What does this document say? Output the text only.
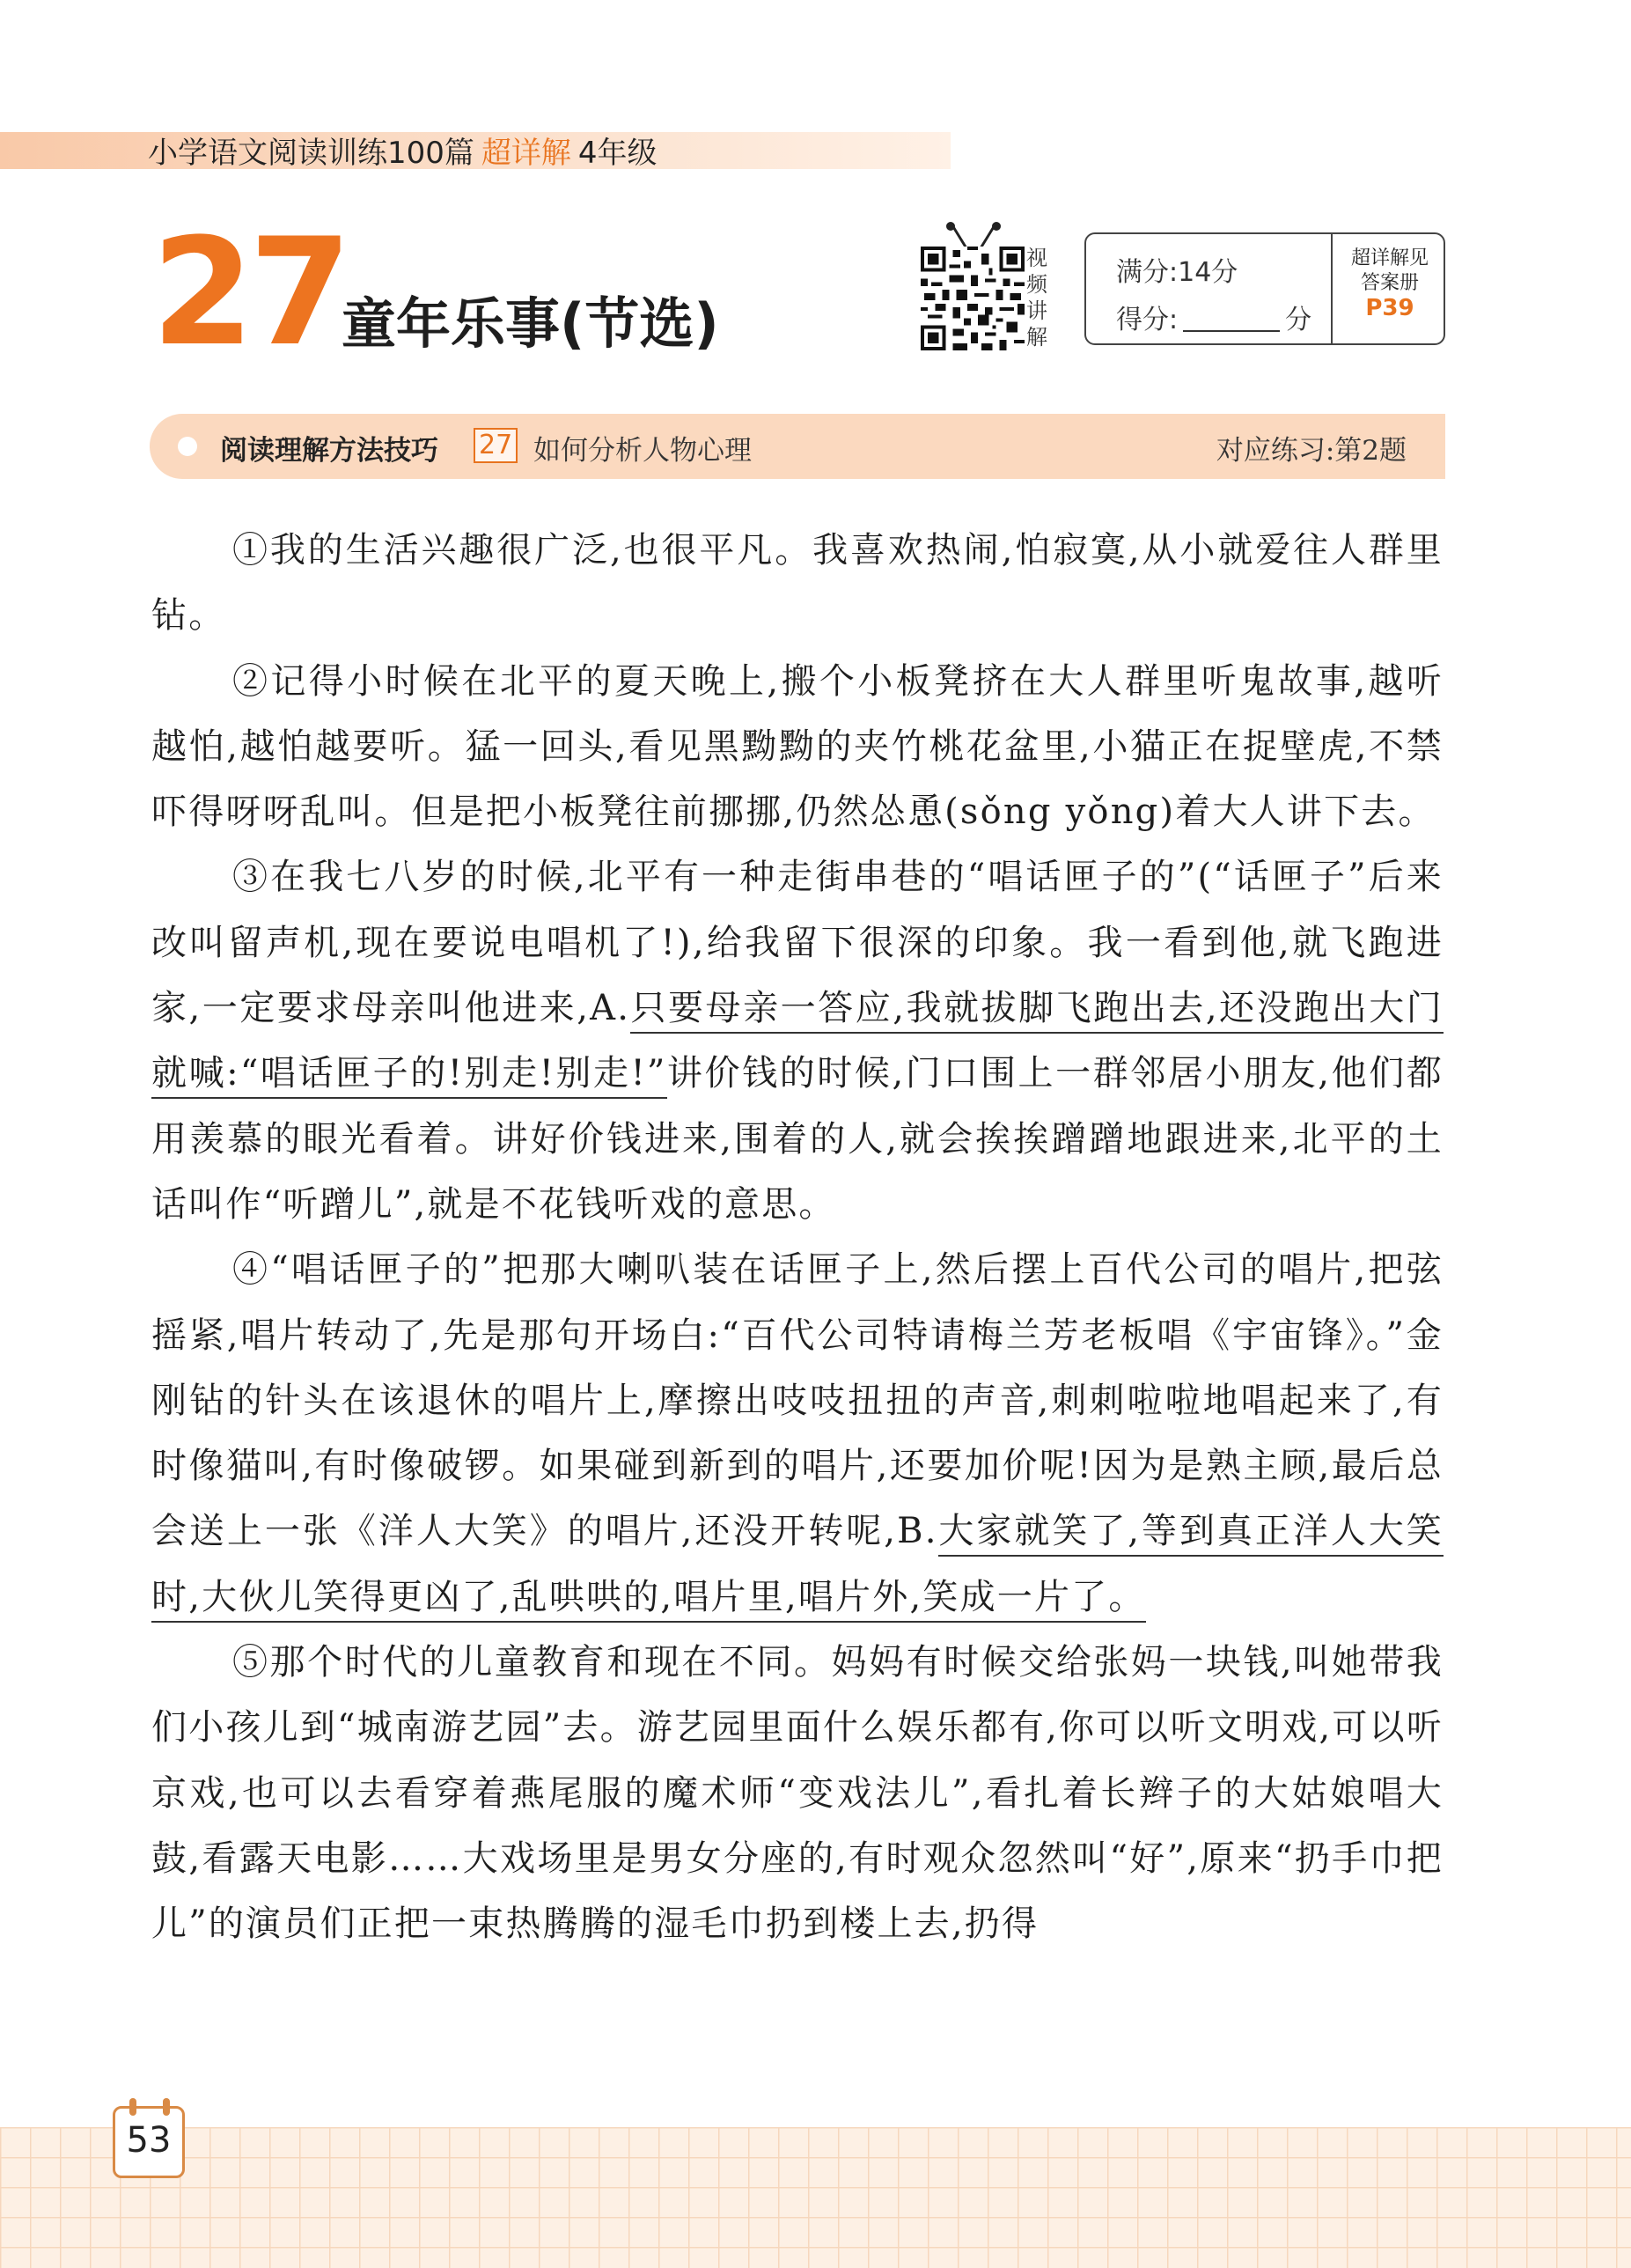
小学语文阅读训练100篇 超详解 4年级
27
童年乐事(节选)
视
频
讲
解
满分:14分
得分:	分
超详解见
答案册
P39
阅读理解方法技巧 27 如何分析人物心理	对应练习:第2题

①我的生活兴趣很广泛,也很平凡。我喜欢热闹,怕寂寞,从小就爱往人群里钻。

②记得小时候在北平的夏天晚上,搬个小板凳挤在大人群里听鬼故事,越听越怕,越怕越要听。猛一回头,看见黑黝黝的夹竹桃花盆里,小猫正在捉壁虎,不禁吓得呀呀乱叫。但是把小板凳往前挪挪,仍然怂恿(sǒng yǒng)着大人讲下去。

③在我七八岁的时候,北平有一种走街串巷的“唱话匣子的”(“话匣子”后来改叫留声机,现在要说电唱机了!),给我留下很深的印象。我一看到他,就飞跑进家,一定要求母亲叫他进来,A.只要母亲一答应,我就拔脚飞跑出去,还没跑出大门就喊:“唱话匣子的!别走!别走!”讲价钱的时候,门口围上一群邻居小朋友,他们都用羡慕的眼光看着。讲好价钱进来,围着的人,就会挨挨蹭蹭地跟进来,北平的土话叫作“听蹭儿”,就是不花钱听戏的意思。

④“唱话匣子的”把那大喇叭装在话匣子上,然后摆上百代公司的唱片,把弦摇紧,唱片转动了,先是那句开场白:“百代公司特请梅兰芳老板唱《宇宙锋》。”金刚钻的针头在该退休的唱片上,摩擦出吱吱扭扭的声音,刺刺啦啦地唱起来了,有时像猫叫,有时像破锣。如果碰到新到的唱片,还要加价呢!因为是熟主顾,最后总会送上一张《洋人大笑》的唱片,还没开转呢,B.大家就笑了,等到真正洋人大笑时,大伙儿笑得更凶了,乱哄哄的,唱片里,唱片外,笑成一片了。

⑤那个时代的儿童教育和现在不同。妈妈有时候交给张妈一块钱,叫她带我们小孩儿到“城南游艺园”去。游艺园里面什么娱乐都有,你可以听文明戏,可以听京戏,也可以去看穿着燕尾服的魔术师“变戏法儿”,看扎着长辫子的大姑娘唱大鼓,看露天电影……大戏场里是男女分座的,有时观众忽然叫“好”,原来“扔手巾把儿”的演员们正把一束热腾腾的湿毛巾扔到楼上去,扔得

53
